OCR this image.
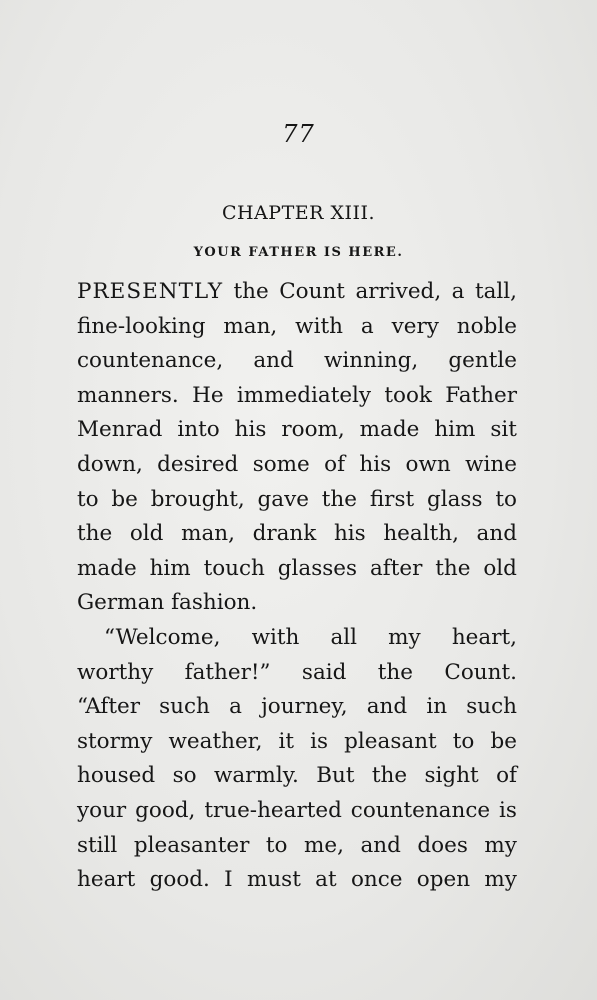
77
CHAPTER XIII.
YOUR FATHER IS HERE.
PRESENTLY the Count arrived, a tall,
fine-looking man, with a very noble
countenance, and winning, gentle
manners. He immediately took Father
Menrad into his room, made him sit
down, desired some of his own wine
to be brought, gave the first glass to
the old man, drank his health, and
made him touch glasses after the old
German
fashion.
“Welcome, with all my heart,
worthy father!” said the Count.
“After such a journey, and in such
stormy weather, it is pleasant to be
housed so warmly. But the sight of
your good, true-hearted countenance is
still pleasanter to me, and does my
heart good. I must at once open my
